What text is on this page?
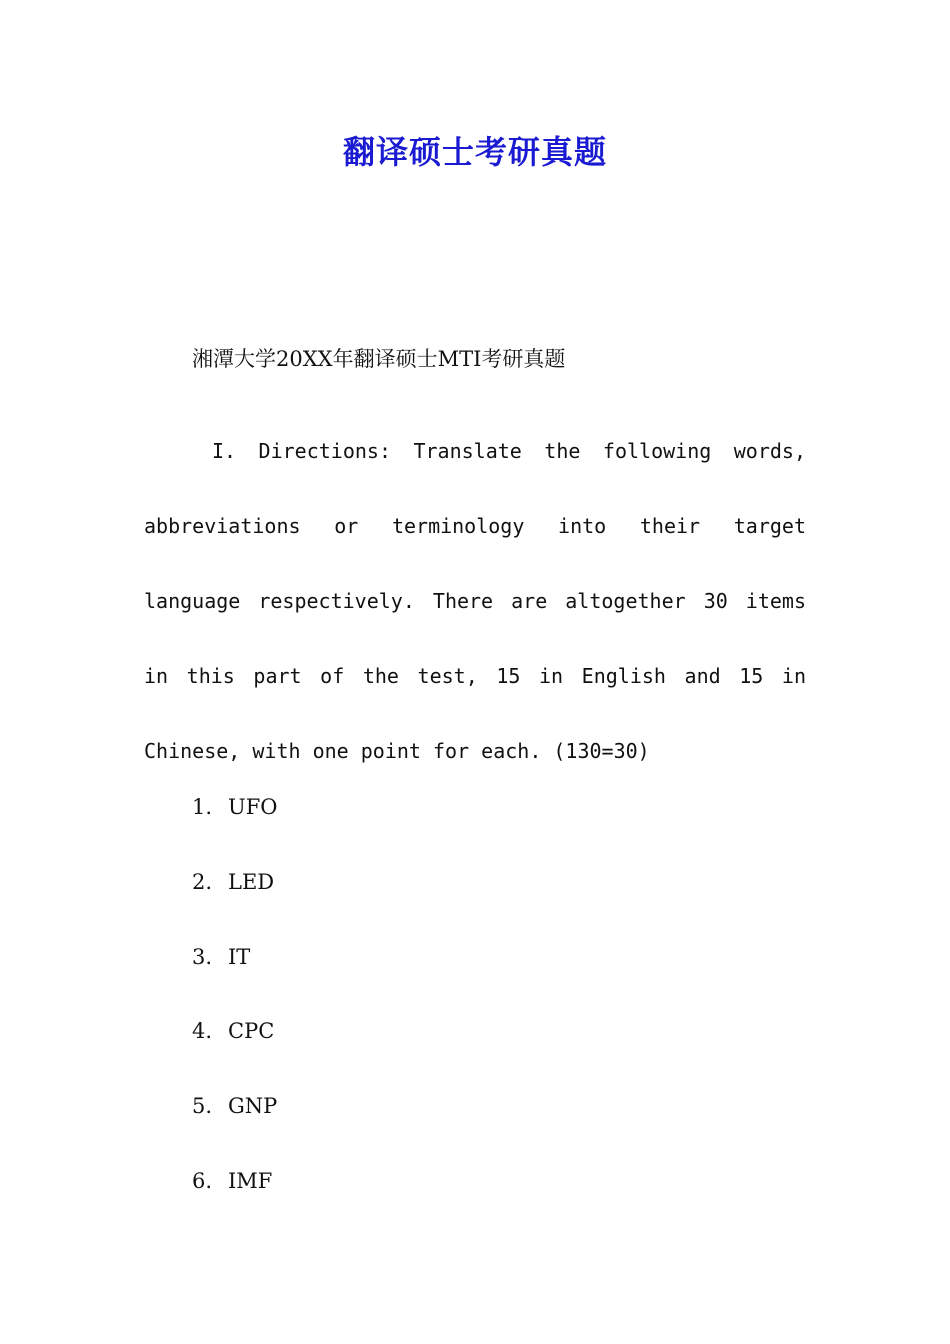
翻译硕士考研真题
湘潭大学20XX年翻译硕士MTI考研真题
I. Directions: Translate the following words, abbreviations or terminology into their target language respectively. There are altogether 30 items in this part of the test, 15 in English and 15 in Chinese, with one point for each. (130=30)
1. UFO
2. LED
3. IT
4. CPC
5. GNP
6. IMF
